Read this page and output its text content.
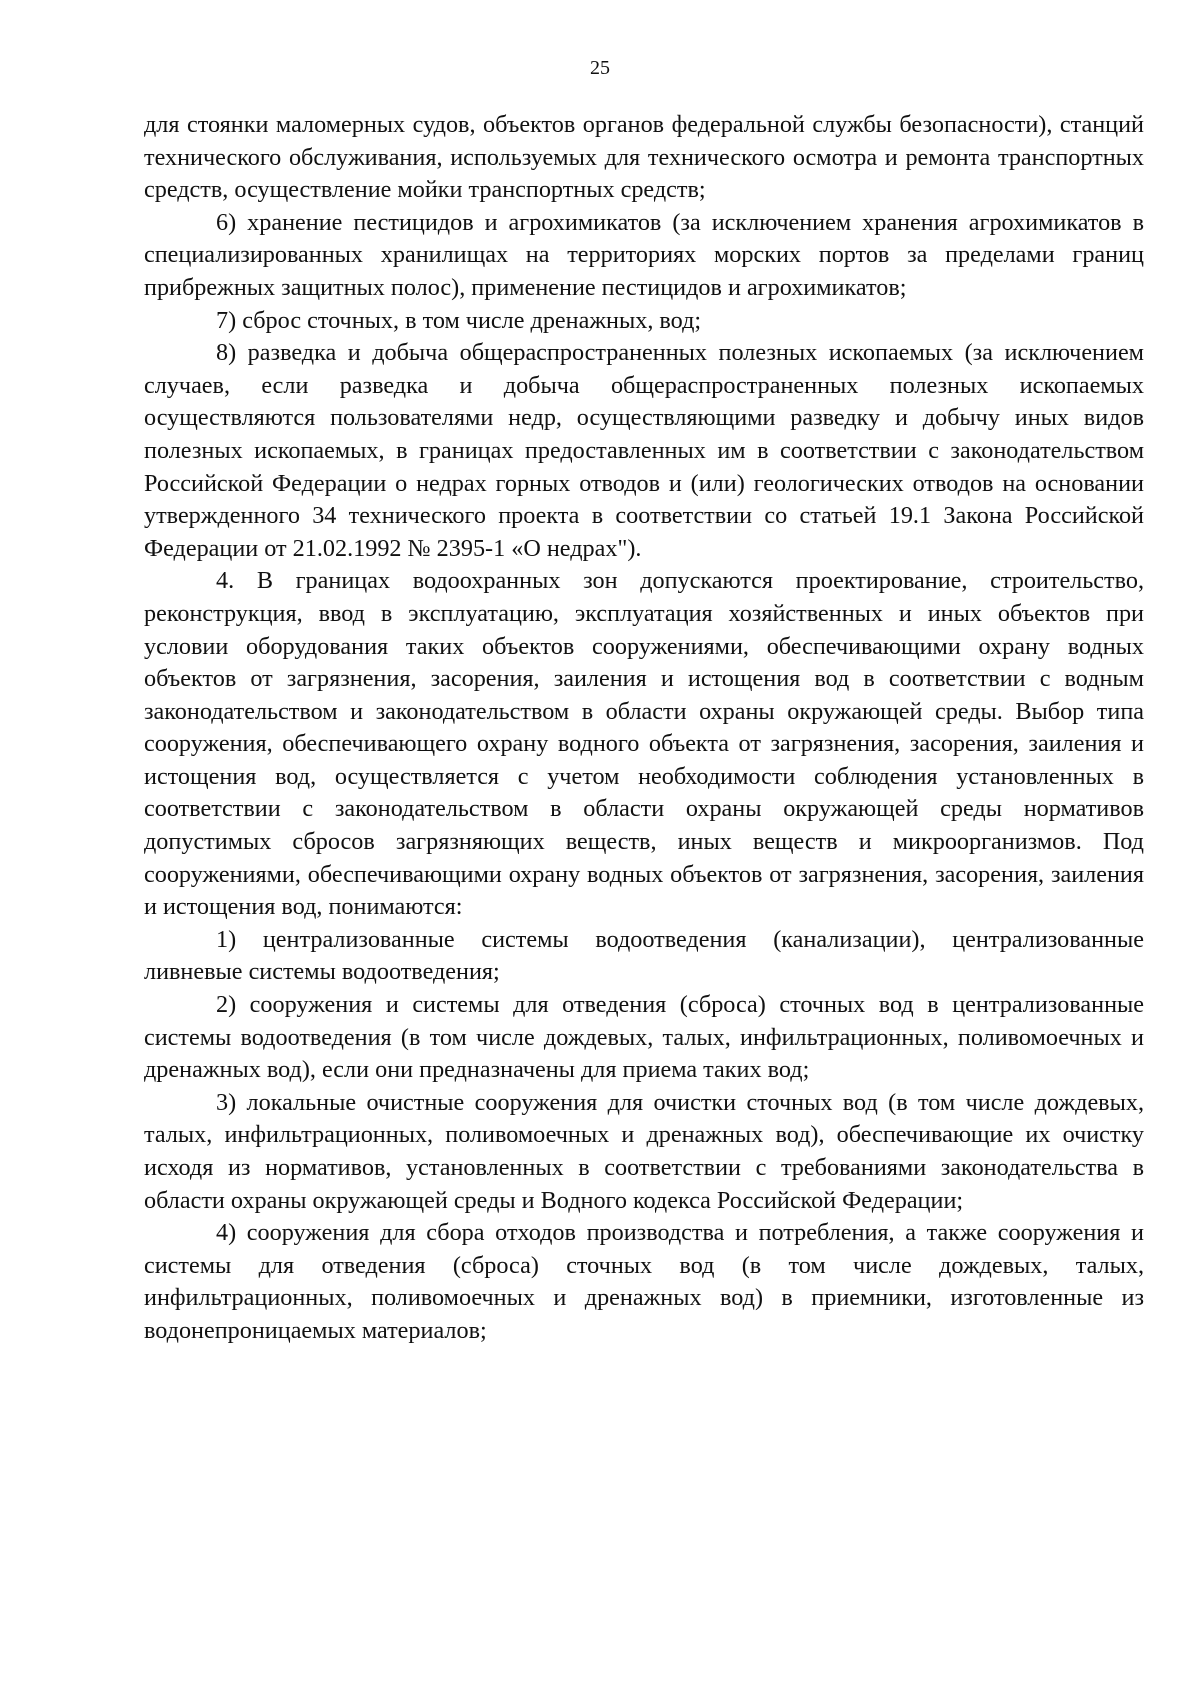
25

для стоянки маломерных судов, объектов органов федеральной службы безопасности), станций технического обслуживания, используемых для технического осмотра и ремонта транспортных средств, осуществление мойки транспортных средств;

6) хранение пестицидов и агрохимикатов (за исключением хранения агрохимикатов в специализированных хранилищах на территориях морских портов за пределами границ прибрежных защитных полос), применение пестицидов и агрохимикатов;

7) сброс сточных, в том числе дренажных, вод;

8) разведка и добыча общераспространенных полезных ископаемых (за исключением случаев, если разведка и добыча общераспространенных полезных ископаемых осуществляются пользователями недр, осуществляющими разведку и добычу иных видов полезных ископаемых, в границах предоставленных им в соответствии с законодательством Российской Федерации о недрах горных отводов и (или) геологических отводов на основании утвержденного 34 технического проекта в соответствии со статьей 19.1 Закона Российской Федерации от 21.02.1992 № 2395-1 «О недрах").

4. В границах водоохранных зон допускаются проектирование, строительство, реконструкция, ввод в эксплуатацию, эксплуатация хозяйственных и иных объектов при условии оборудования таких объектов сооружениями, обеспечивающими охрану водных объектов от загрязнения, засорения, заиления и истощения вод в соответствии с водным законодательством и законодательством в области охраны окружающей среды. Выбор типа сооружения, обеспечивающего охрану водного объекта от загрязнения, засорения, заиления и истощения вод, осуществляется с учетом необходимости соблюдения установленных в соответствии с законодательством в области охраны окружающей среды нормативов допустимых сбросов загрязняющих веществ, иных веществ и микроорганизмов. Под сооружениями, обеспечивающими охрану водных объектов от загрязнения, засорения, заиления и истощения вод, понимаются:

1) централизованные системы водоотведения (канализации), централизованные ливневые системы водоотведения;

2) сооружения и системы для отведения (сброса) сточных вод в централизованные системы водоотведения (в том числе дождевых, талых, инфильтрационных, поливомоечных и дренажных вод), если они предназначены для приема таких вод;

3) локальные очистные сооружения для очистки сточных вод (в том числе дождевых, талых, инфильтрационных, поливомоечных и дренажных вод), обеспечивающие их очистку исходя из нормативов, установленных в соответствии с требованиями законодательства в области охраны окружающей среды и Водного кодекса Российской Федерации;

4) сооружения для сбора отходов производства и потребления, а также сооружения и системы для отведения (сброса) сточных вод (в том числе дождевых, талых, инфильтрационных, поливомоечных и дренажных вод) в приемники, изготовленные из водонепроницаемых материалов;
